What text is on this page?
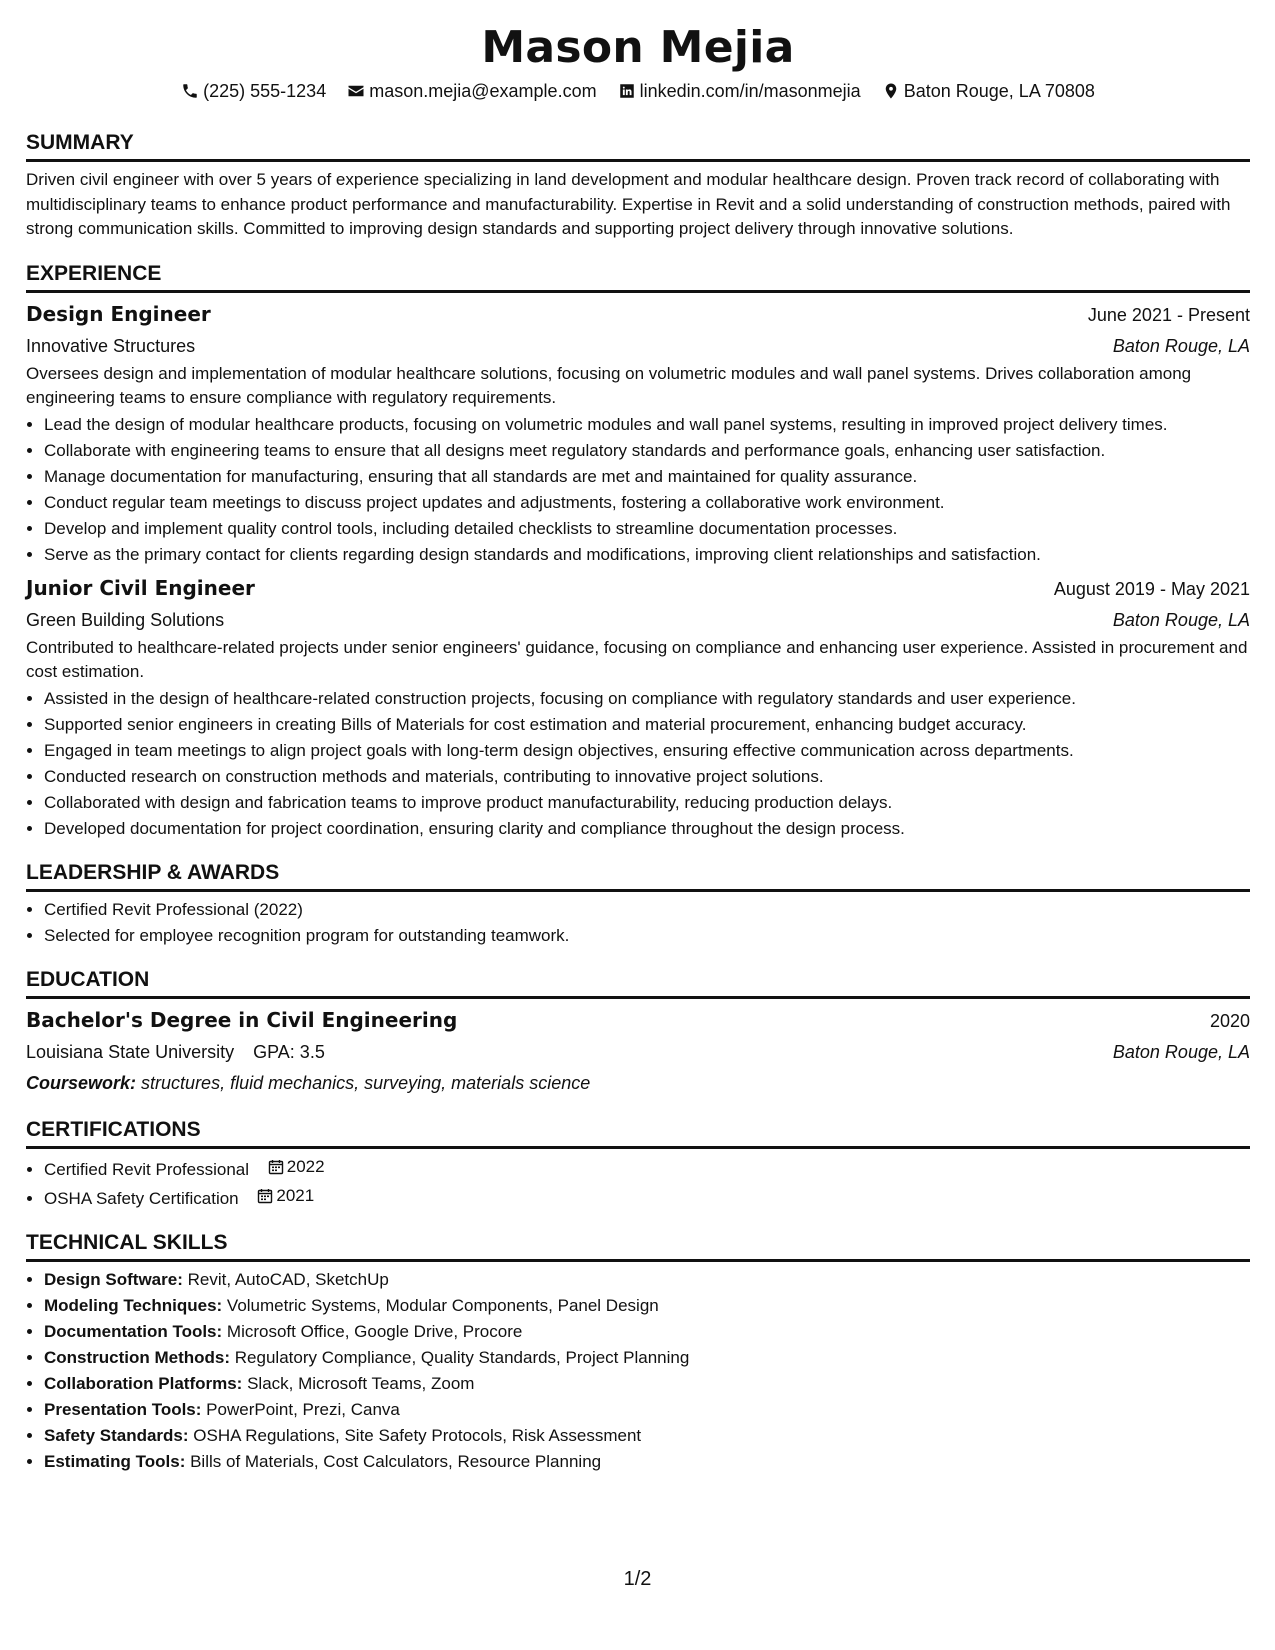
Mason Mejia
(225) 555-1234
mason.mejia@example.com
linkedin.com/in/masonmejia
Baton Rouge, LA 70808
SUMMARY

Driven civil engineer with over 5 years of experience specializing in land development and modular healthcare design. Proven track record of collaborating with multidisciplinary teams to enhance product performance and manufacturability. Expertise in Revit and a solid understanding of construction methods, paired with strong communication skills. Committed to improving design standards and supporting project delivery through innovative solutions.

EXPERIENCE
Design Engineer	June 2021 - Present
Innovative Structures	Baton Rouge, LA

Oversees design and implementation of modular healthcare solutions, focusing on volumetric modules and wall panel systems. Drives collaboration among engineering teams to ensure compliance with regulatory requirements.

• Lead the design of modular healthcare products, focusing on volumetric modules and wall panel systems, resulting in improved project delivery times.
• Collaborate with engineering teams to ensure that all designs meet regulatory standards and performance goals, enhancing user satisfaction.
• Manage documentation for manufacturing, ensuring that all standards are met and maintained for quality assurance.
• Conduct regular team meetings to discuss project updates and adjustments, fostering a collaborative work environment.
• Develop and implement quality control tools, including detailed checklists to streamline documentation processes.
• Serve as the primary contact for clients regarding design standards and modifications, improving client relationships and satisfaction.
Junior Civil Engineer	August 2019 - May 2021
Green Building Solutions	Baton Rouge, LA

Contributed to healthcare-related projects under senior engineers' guidance, focusing on compliance and enhancing user experience. Assisted in procurement and cost estimation.

• Assisted in the design of healthcare-related construction projects, focusing on compliance with regulatory standards and user experience.
• Supported senior engineers in creating Bills of Materials for cost estimation and material procurement, enhancing budget accuracy.
• Engaged in team meetings to align project goals with long-term design objectives, ensuring effective communication across departments.
• Conducted research on construction methods and materials, contributing to innovative project solutions.
• Collaborated with design and fabrication teams to improve product manufacturability, reducing production delays.
• Developed documentation for project coordination, ensuring clarity and compliance throughout the design process.
LEADERSHIP & AWARDS
• Certified Revit Professional (2022)
• Selected for employee recognition program for outstanding teamwork.
EDUCATION
Bachelor's Degree in Civil Engineering	2020
Louisiana State University GPA: 3.5	Baton Rouge, LA
Coursework: structures, fluid mechanics, surveying, materials science
CERTIFICATIONS
• Certified Revit Professional 2022
• OSHA Safety Certification 2021
TECHNICAL SKILLS
• Design Software: Revit, AutoCAD, SketchUp
• Modeling Techniques: Volumetric Systems, Modular Components, Panel Design
• Documentation Tools: Microsoft Office, Google Drive, Procore
• Construction Methods: Regulatory Compliance, Quality Standards, Project Planning
• Collaboration Platforms: Slack, Microsoft Teams, Zoom
• Presentation Tools: PowerPoint, Prezi, Canva
• Safety Standards: OSHA Regulations, Site Safety Protocols, Risk Assessment
• Estimating Tools: Bills of Materials, Cost Calculators, Resource Planning
1/2
